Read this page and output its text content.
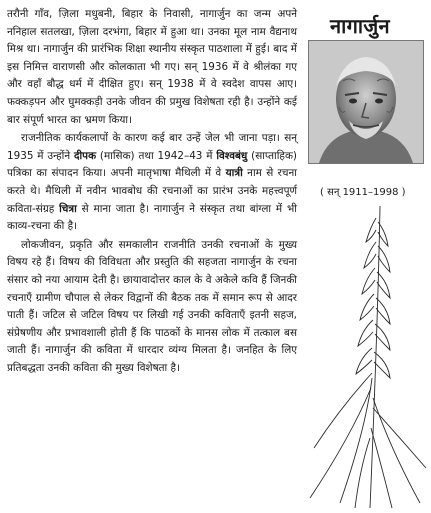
तरौनी गाँव, ज़िला मधुबनी, बिहार के निवासी, नागार्जुन का जन्म अपने ननिहाल सतलखा, ज़िला दरभंगा, बिहार में हुआ था। उनका मूल नाम वैद्यनाथ मिश्र था। नागार्जुन की प्रारंभिक शिक्षा स्थानीय संस्कृत पाठशाला में हुई। बाद में इस निमित्त वाराणसी और कोलकाता भी गए। सन् 1936 में वे श्रीलंका गए और वहाँ बौद्ध धर्म में दीक्षित हुए। सन् 1938 में वे स्वदेश वापस आए। फक्कड़पन और घुमक्कड़ी उनके जीवन की प्रमुख विशेषता रही है। उन्होंने कई बार संपूर्ण भारत का भ्रमण किया।

राजनीतिक कार्यकलापों के कारण कई बार उन्हें जेल भी जाना पड़ा। सन् 1935 में उन्होंने दीपक (मासिक) तथा 1942–43 में विश्वबंधु (साप्ताहिक) पत्रिका का संपादन किया। अपनी मातृभाषा मैथिली में वे यात्री नाम से रचना करते थे। मैथिली में नवीन भावबोध की रचनाओं का प्रारंभ उनके महत्त्वपूर्ण कविता-संग्रह चित्रा से माना जाता है। नागार्जुन ने संस्कृत तथा बांग्ला में भी काव्य-रचना की है।

लोकजीवन, प्रकृति और समकालीन राजनीति उनकी रचनाओं के मुख्य विषय रहे हैं। विषय की विविधता और प्रस्तुति की सहजता नागार्जुन के रचना संसार को नया आयाम देती है। छायावादोत्तर काल के वे अकेले कवि हैं जिनकी रचनाएँ ग्रामीण चौपाल से लेकर विद्वानों की बैठक तक में समान रूप से आदर पाती हैं। जटिल से जटिल विषय पर लिखी गई उनकी कविताएँ इतनी सहज, संप्रेषणीय और प्रभावशाली होती हैं कि पाठकों के मानस लोक में तत्काल बस जाती हैं। नागार्जुन की कविता में धारदार व्यंग्य मिलता है। जनहित के लिए प्रतिबद्धता उनकी कविता की मुख्य विशेषता है।

नागार्जुन
( सन् 1911–1998 )
